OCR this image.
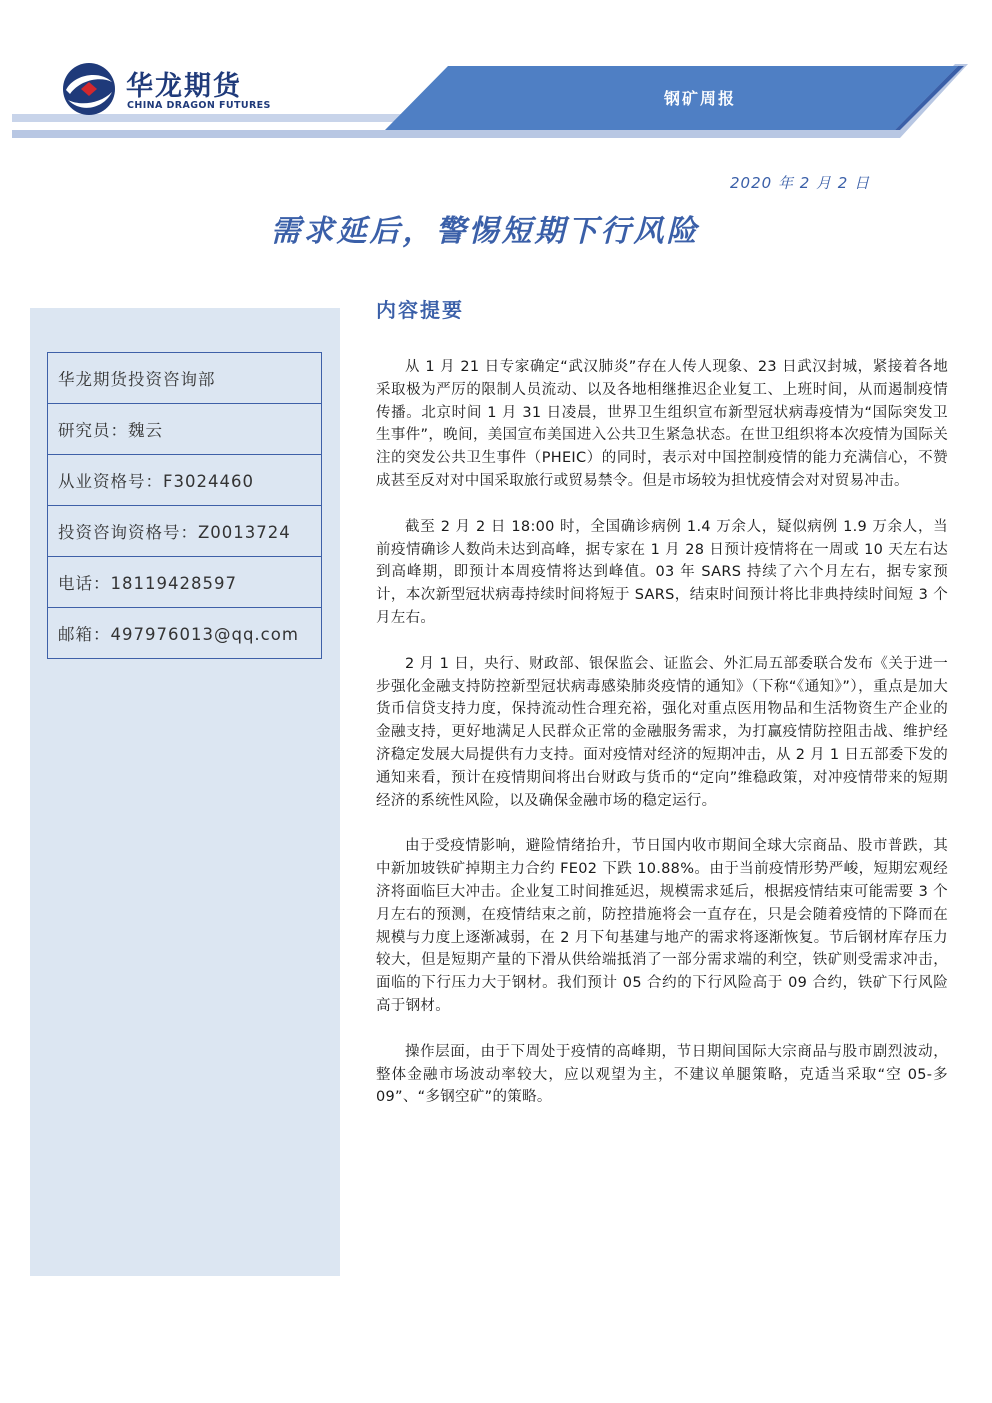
华龙期货
CHINA DRAGON FUTURES	钢矿周报
2020 年 2 月 2 日
需求延后，警惕短期下行风险
华龙期货投资咨询部
研究员：魏云
从业资格号：F3024460
投资咨询资格号：Z0013724
电话：18119428597
邮箱：497976013@qq.com
内容提要

从 1 月 21 日专家确定“武汉肺炎”存在人传人现象、23 日武汉封城，紧接着各地采取极为严厉的限制人员流动、以及各地相继推迟企业复工、上班时间，从而遏制疫情传播。北京时间 1 月 31 日凌晨，世界卫生组织宣布新型冠状病毒疫情为“国际突发卫生事件”，晚间，美国宣布美国进入公共卫生紧急状态。在世卫组织将本次疫情为国际关注的突发公共卫生事件（PHEIC）的同时，表示对中国控制疫情的能力充满信心，不赞成甚至反对对中国采取旅行或贸易禁令。但是市场较为担忧疫情会对对贸易冲击。

截至 2 月 2 日 18:00 时，全国确诊病例 1.4 万余人，疑似病例 1.9 万余人，当前疫情确诊人数尚未达到高峰，据专家在 1 月 28 日预计疫情将在一周或 10 天左右达到高峰期，即预计本周疫情将达到峰值。03 年 SARS 持续了六个月左右，据专家预计，本次新型冠状病毒持续时间将短于 SARS，结束时间预计将比非典持续时间短 3 个月左右。

2 月 1 日，央行、财政部、银保监会、证监会、外汇局五部委联合发布《关于进一步强化金融支持防控新型冠状病毒感染肺炎疫情的通知》（下称“《通知》”），重点是加大货币信贷支持力度，保持流动性合理充裕，强化对重点医用物品和生活物资生产企业的金融支持，更好地满足人民群众正常的金融服务需求，为打赢疫情防控阻击战、维护经济稳定发展大局提供有力支持。面对疫情对经济的短期冲击，从 2 月 1 日五部委下发的通知来看，预计在疫情期间将出台财政与货币的“定向”维稳政策，对冲疫情带来的短期经济的系统性风险，以及确保金融市场的稳定运行。

由于受疫情影响，避险情绪抬升，节日国内收市期间全球大宗商品、股市普跌，其中新加坡铁矿掉期主力合约 FE02 下跌 10.88%。由于当前疫情形势严峻，短期宏观经济将面临巨大冲击。企业复工时间推延迟，规模需求延后，根据疫情结束可能需要 3 个月左右的预测，在疫情结束之前，防控措施将会一直存在，只是会随着疫情的下降而在规模与力度上逐渐减弱，在 2 月下旬基建与地产的需求将逐渐恢复。节后钢材库存压力较大，但是短期产量的下滑从供给端抵消了一部分需求端的利空，铁矿则受需求冲击，面临的下行压力大于钢材。我们预计 05 合约的下行风险高于 09 合约，铁矿下行风险高于钢材。

操作层面，由于下周处于疫情的高峰期，节日期间国际大宗商品与股市剧烈波动，整体金融市场波动率较大，应以观望为主，不建议单腿策略，克适当采取“空 05-多 09”、“多钢空矿”的策略。
